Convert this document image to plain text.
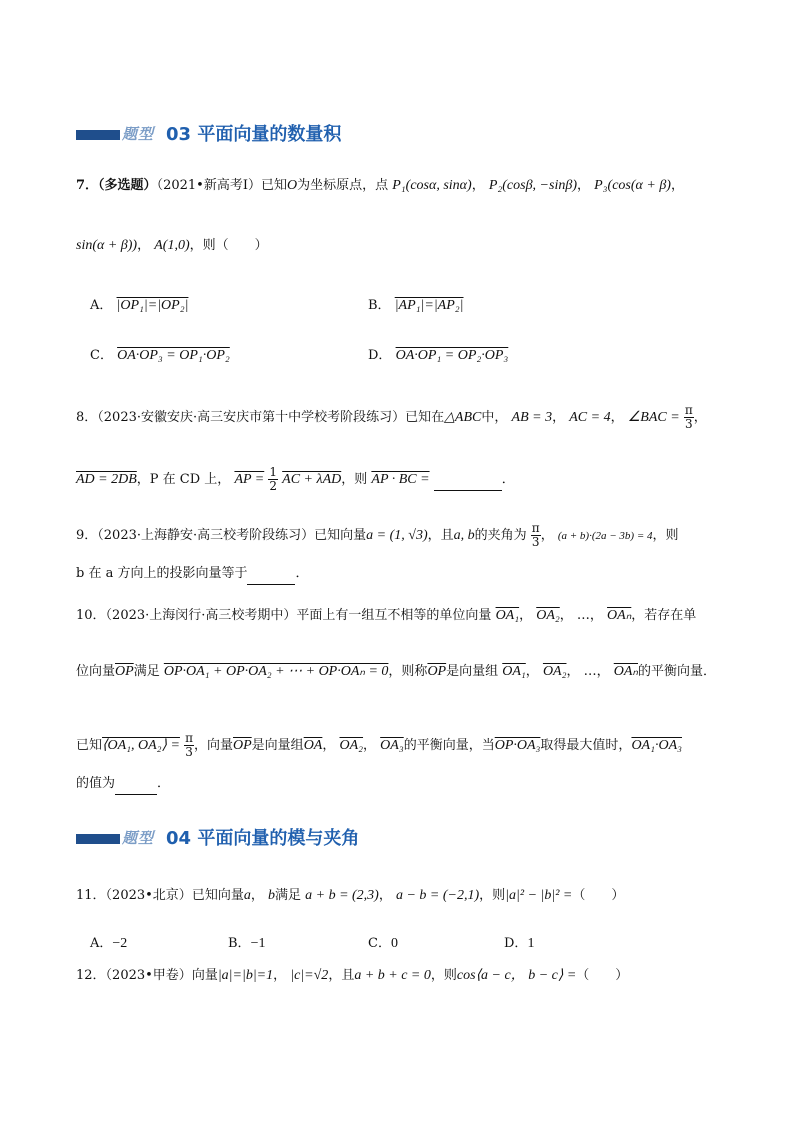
题型 03 平面向量的数量积
7．（多选题）（2021•新高考Ⅰ）已知O为坐标原点，点 P₁(cosα, sinα)， P₂(cosβ, −sinβ)， P₃(cos(α + β)，
sin(α + β))， A(1,0)，则（　　）
A． |OP₁|=|OP₂|	B． |AP₁|=|AP₂|
C． OA·OP₃ = OP₁·OP₂	D． OA·OP₁ = OP₂·OP₃
8．（2023·安徽安庆·高三安庆市第十中学校考阶段练习）已知在△ABC中， AB = 3， AC = 4， ∠BAC = $\frac{\pi}{3}$ ，
AD = 2DB，P 在 CD 上， AP = $\frac{1}{2}$ AC + λAD，则 AP · BC =	．
9．（2023·上海静安·高三校考阶段练习）已知向量a = (1, √3)，且a, b的夹角为 $\frac{\pi}{3}$ ， (a + b)·(2a − 3b) = 4，则
b 在 a 方向上的投影向量等于	．
10．（2023·上海闵行·高三校考期中）平面上有一组互不相等的单位向量 OA₁， OA₂， …， $\overline{OA_n}$，若存在单
位向量$\overline{OP}$满足 OP·OA₁ + OP·OA₂ + ⋯ + OP·OAₙ = 0，则称$\overline{OP}$是向量组 OA₁， OA₂， …， $\overline{OA_n}$的平衡向量．
已知⟨OA₁, OA₂⟩ = $\frac{\pi}{3}$ ，向量$\overline{OP}$是向量组$\overline{OA}$， OA₂， OA₃的平衡向量，当OP·OA₃取得最大值时，OA₁·OA₃
的值为	．
题型 04 平面向量的模与夹角
11．（2023•北京）已知向量a， b满足 a + b = (2,3)， a − b = (−2,1)，则|a|² − |b|² =（　　）
A．−2	B．−1	C．0	D．1
12．（2023•甲卷）向量|a|=|b|=1， |c|=√2，且a + b + c = 0，则cos⟨a − c， b − c⟩ =（　　）
